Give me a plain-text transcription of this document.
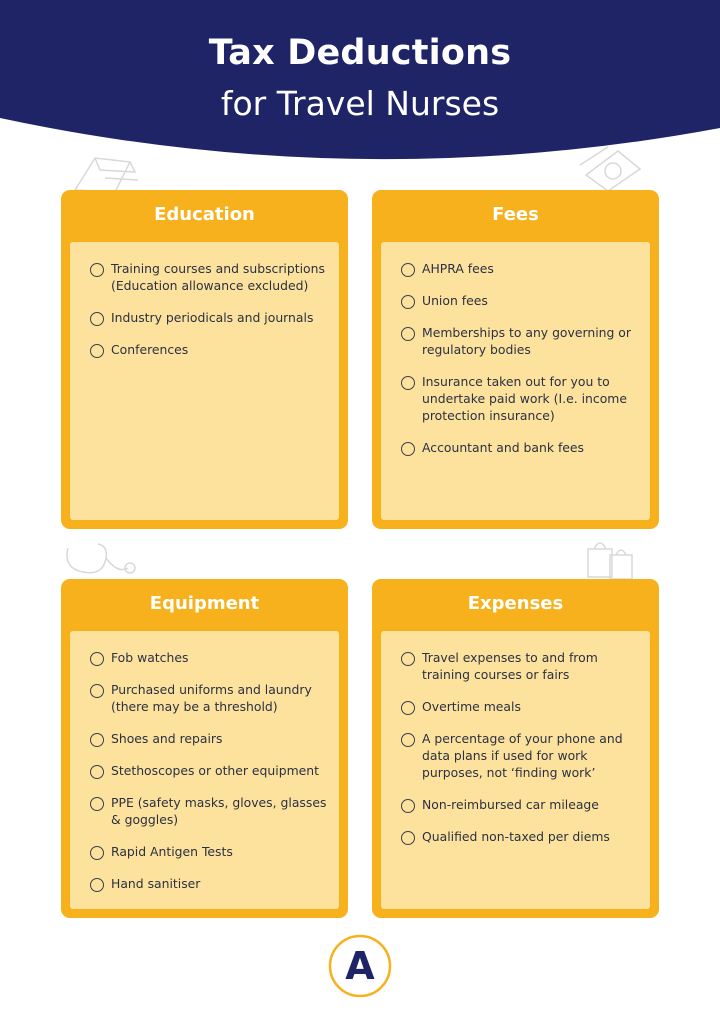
Tax Deductions
for Travel Nurses
Education
Training courses and subscriptions (Education allowance excluded)
Industry periodicals and journals
Conferences
Fees
AHPRA fees
Union fees
Memberships to any governing or regulatory bodies
Insurance taken out for you to undertake paid work (I.e. income protection insurance)
Accountant and bank fees
Equipment
Fob watches
Purchased uniforms and laundry (there may be a threshold)
Shoes and repairs
Stethoscopes or other equipment
PPE (safety masks, gloves, glasses & goggles)
Rapid Antigen Tests
Hand sanitiser
Expenses
Travel expenses to and from training courses or fairs
Overtime meals
A percentage of your phone and data plans if used for work purposes, not ‘finding work’
Non-reimbursed car mileage
Qualified non-taxed per diems
A
